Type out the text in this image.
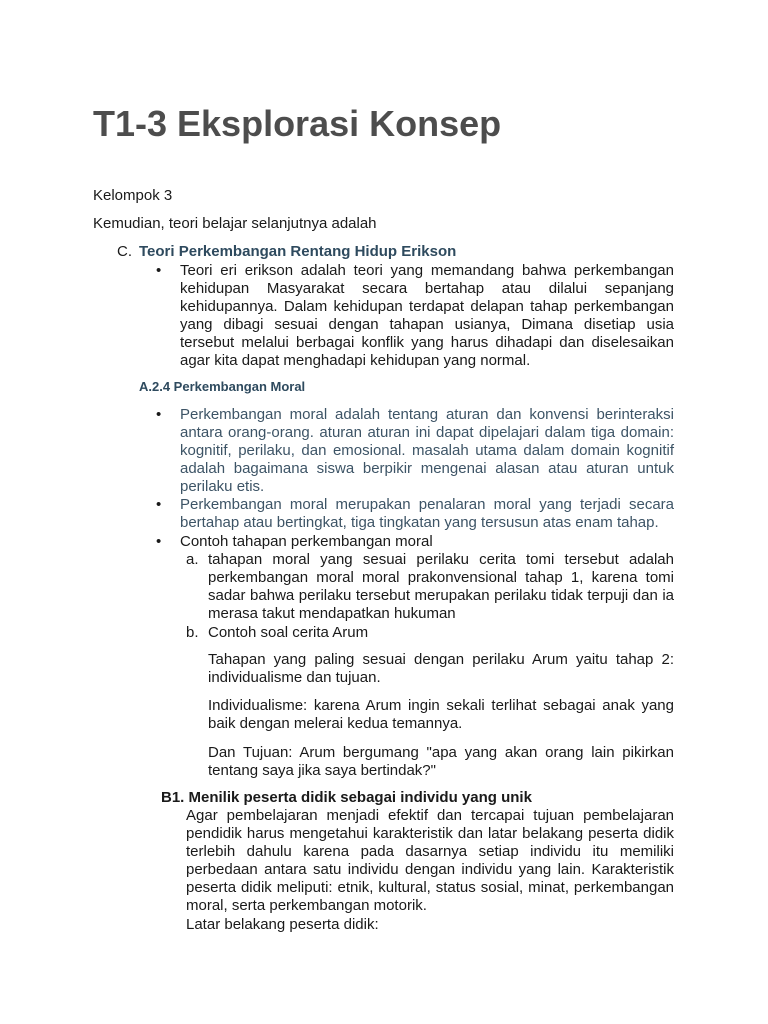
T1-3 Eksplorasi Konsep
Kelompok 3
Kemudian, teori belajar selanjutnya adalah
C. Teori Perkembangan Rentang Hidup Erikson
• Teori eri erikson adalah teori yang memandang bahwa perkembangan kehidupan Masyarakat secara bertahap atau dilalui sepanjang kehidupannya. Dalam kehidupan terdapat delapan tahap perkembangan yang dibagi sesuai dengan tahapan usianya, Dimana disetiap usia tersebut melalui berbagai konflik yang harus dihadapi dan diselesaikan agar kita dapat menghadapi kehidupan yang normal.
A.2.4 Perkembangan Moral
• Perkembangan moral adalah tentang aturan dan konvensi berinteraksi antara orang-orang. aturan aturan ini dapat dipelajari dalam tiga domain: kognitif, perilaku, dan emosional. masalah utama dalam domain kognitif adalah bagaimana siswa berpikir mengenai alasan atau aturan untuk perilaku etis.
• Perkembangan moral merupakan penalaran moral yang terjadi secara bertahap atau bertingkat, tiga tingkatan yang tersusun atas enam tahap.
• Contoh tahapan perkembangan moral
a. tahapan moral yang sesuai perilaku cerita tomi tersebut adalah perkembangan moral moral prakonvensional tahap 1, karena tomi sadar bahwa perilaku tersebut merupakan perilaku tidak terpuji dan ia merasa takut mendapatkan hukuman
b. Contoh soal cerita Arum
Tahapan yang paling sesuai dengan perilaku Arum yaitu tahap 2: individualisme dan tujuan.
Individualisme: karena Arum ingin sekali terlihat sebagai anak yang baik dengan melerai kedua temannya.
Dan Tujuan: Arum bergumang "apa yang akan orang lain pikirkan tentang saya jika saya bertindak?"
B1. Menilik peserta didik sebagai individu yang unik
Agar pembelajaran menjadi efektif dan tercapai tujuan pembelajaran pendidik harus mengetahui karakteristik dan latar belakang peserta didik terlebih dahulu karena pada dasarnya setiap individu itu memiliki perbedaan antara satu individu dengan individu yang lain. Karakteristik peserta didik meliputi: etnik, kultural, status sosial, minat, perkembangan moral, serta perkembangan motorik.
Latar belakang peserta didik:
